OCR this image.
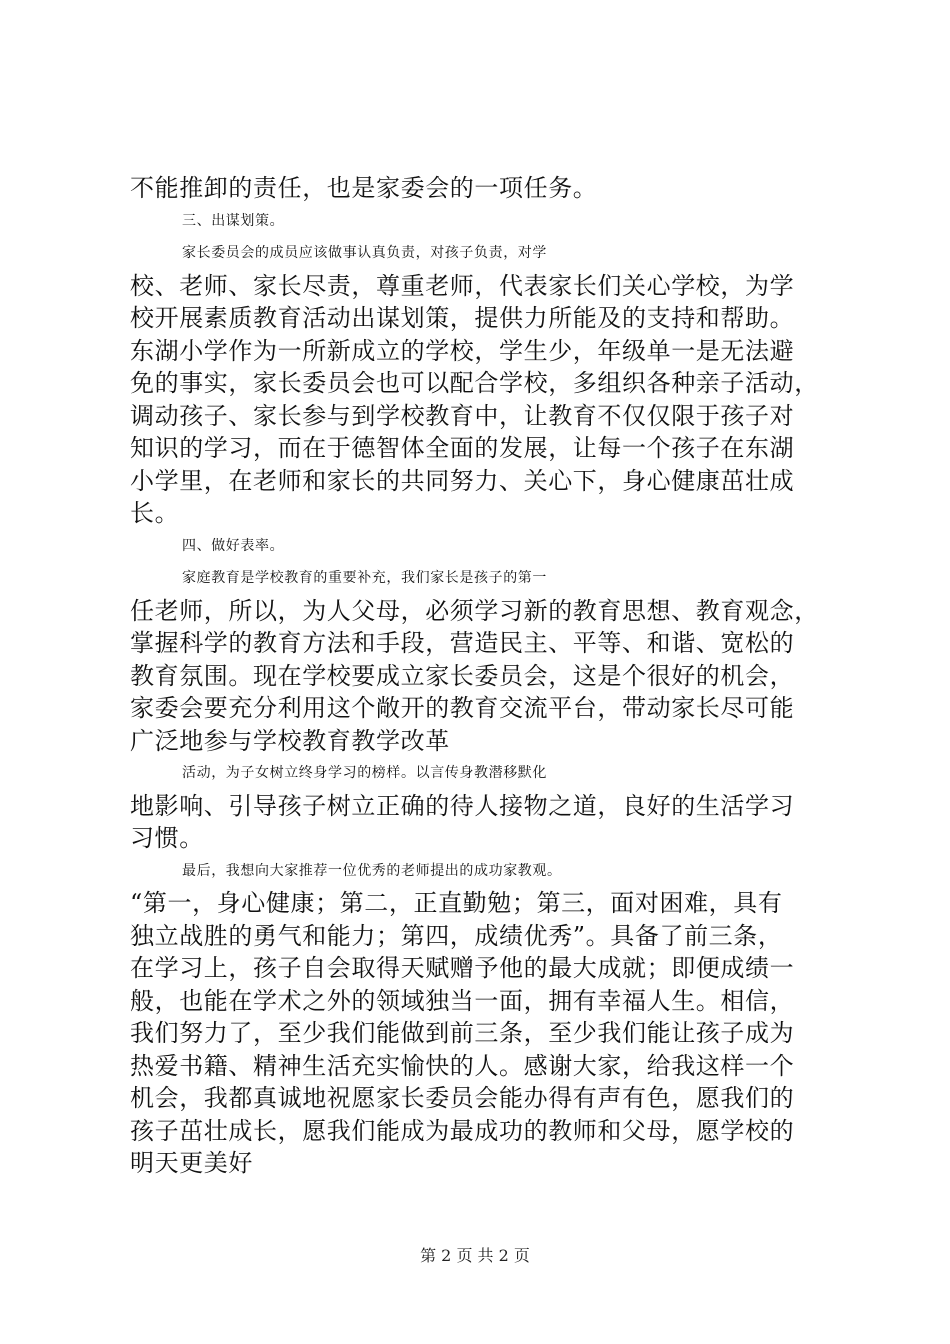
不能推卸的责任，也是家委会的一项任务。
三、出谋划策。
家长委员会的成员应该做事认真负责，对孩子负责，对学
校、老师、家长尽责，尊重老师，代表家长们关心学校，为学
校开展素质教育活动出谋划策，提供力所能及的支持和帮助。
东湖小学作为一所新成立的学校，学生少，年级单一是无法避
免的事实，家长委员会也可以配合学校，多组织各种亲子活动，
调动孩子、家长参与到学校教育中，让教育不仅仅限于孩子对
知识的学习，而在于德智体全面的发展，让每一个孩子在东湖
小学里，在老师和家长的共同努力、关心下，身心健康茁壮成
长。
四、做好表率。
家庭教育是学校教育的重要补充，我们家长是孩子的第一
任老师，所以，为人父母，必须学习新的教育思想、教育观念，
掌握科学的教育方法和手段，营造民主、平等、和谐、宽松的
教育氛围。现在学校要成立家长委员会，这是个很好的机会，
家委会要充分利用这个敞开的教育交流平台，带动家长尽可能
广泛地参与学校教育教学改革
活动，为子女树立终身学习的榜样。以言传身教潜移默化
地影响、引导孩子树立正确的待人接物之道，良好的生活学习
习惯。
最后，我想向大家推荐一位优秀的老师提出的成功家教观。
“第一，身心健康；第二，正直勤勉；第三，面对困难，具有
独立战胜的勇气和能力；第四，成绩优秀”。具备了前三条，
在学习上，孩子自会取得天赋赠予他的最大成就；即便成绩一
般，也能在学术之外的领域独当一面，拥有幸福人生。相信，
我们努力了，至少我们能做到前三条，至少我们能让孩子成为
热爱书籍、精神生活充实愉快的人。感谢大家，给我这样一个
机会，我都真诚地祝愿家长委员会能办得有声有色，愿我们的
孩子茁壮成长，愿我们能成为最成功的教师和父母，愿学校的
明天更美好
第 2 页 共 2 页
